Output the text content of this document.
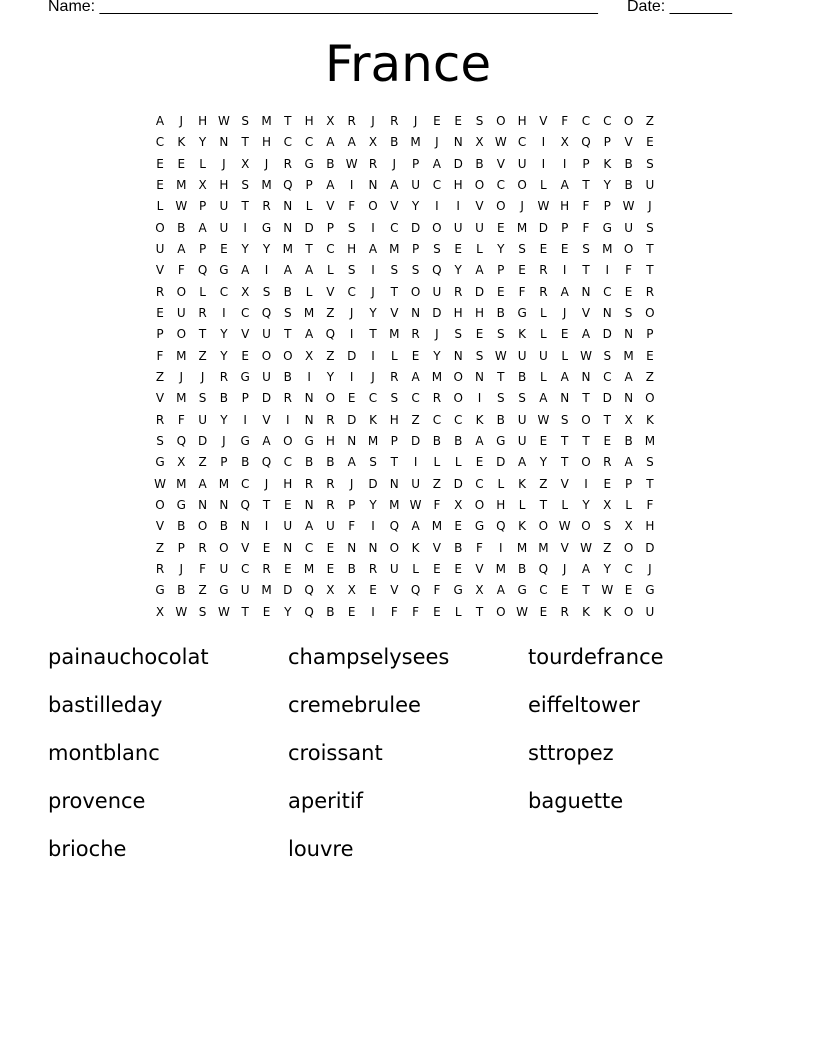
Name: ________________________________________________________ Date: _______
France
A	J	H W S	M	T	H	X	R	J	R	J	E	E	S	O	H	V	F	C	C	O	Z
C	K	Y	N	T	H	C	C	A	A	X	B	M	J	N	X W C	I	X	Q	P	V	E
E	E	L	J	X	J	R	G	B W R	J	P	A	D	B	V	U	I	I	P	K	B	S
E	M	X	H	S	M Q	P	A	I	N	A	U	C	H	O	C	O	L	A	T	Y	B	U
L	W P	U	T	R	N	L	V	F	O	V	Y	I	I	V	O	J	W H	F	P W	J
O	B	A	U	I	G	N	D	P	S	I	C	D O	U	U	E	M D	P	F	G	U	S
U	A	P	E	Y	Y	M	T	C	H	A	M	P	S	E	L	Y	S	E	E	S	M O	T
V	F	Q G	A	I	A	A	L	S	I	S	S	Q	Y	A	P	E	R	I	T	I	F	T
R	O	L	C	X	S	B	L	V	C	J	T	O	U	R	D	E	F	R	A	N	C	E	R
E	U	R	I	C	Q	S	M	Z	J	Y	V	N	D	H	H	B	G	L	J	V	N	S	O
P	O	T	Y	V	U	T	A	Q	I	T	M R	J	S	E	S	K	L	E	A	D	N	P
F	M	Z	Y	E	O O	X	Z	D	I	L	E	Y	N	S W U	U	L	W S	M	E
Z	J	J	R	G	U	B	I	Y	I	J	R	A	M O	N	T	B	L	A	N	C	A	Z
V	M	S	B	P	D	R	N	O	E	C	S	C	R	O	I	S	S	A	N	T	D	N	O
R	F	U	Y	I	V	I	N	R	D	K	H	Z	C	C	K	B	U W S	O	T	X	K
S	Q D	J	G	A	O G	H	N M	P	D	B	B	A	G	U	E	T	T	E	B	M
G	X	Z	P	B	Q	C	B	B	A	S	T	I	L	L	E	D	A	Y	T	O	R	A	S
W M	A	M C	J	H	R	R	J	D	N	U	Z	D	C	L	K	Z	V	I	E	P	T
O G	N	N	Q	T	E	N	R	P	Y	M W F	X	O	H	L	T	L	Y	X	L	F
V	B	O	B	N	I	U	A	U	F	I	Q	A	M	E	G Q	K	O W O	S	X	H
Z	P	R	O	V	E	N	C	E	N	N	O	K	V	B	F	I	M M	V W Z	O D
R	J	F	U	C	R	E	M	E	B	R	U	L	E	E	V	M	B	Q	J	A	Y	C	J
G	B	Z	G	U M D Q	X	X	E	V	Q	F	G	X	A	G	C	E	T W E	G
X W S W T	E	Y	Q	B	E	I	F	F	E	L	T	O W E	R	K	K	O	U
painauchocolat	champselysees	tourdefrance
bastilleday	cremebrulee	eiffeltower
montblanc	croissant	sttropez
provence	aperitif	baguette
brioche	louvre
